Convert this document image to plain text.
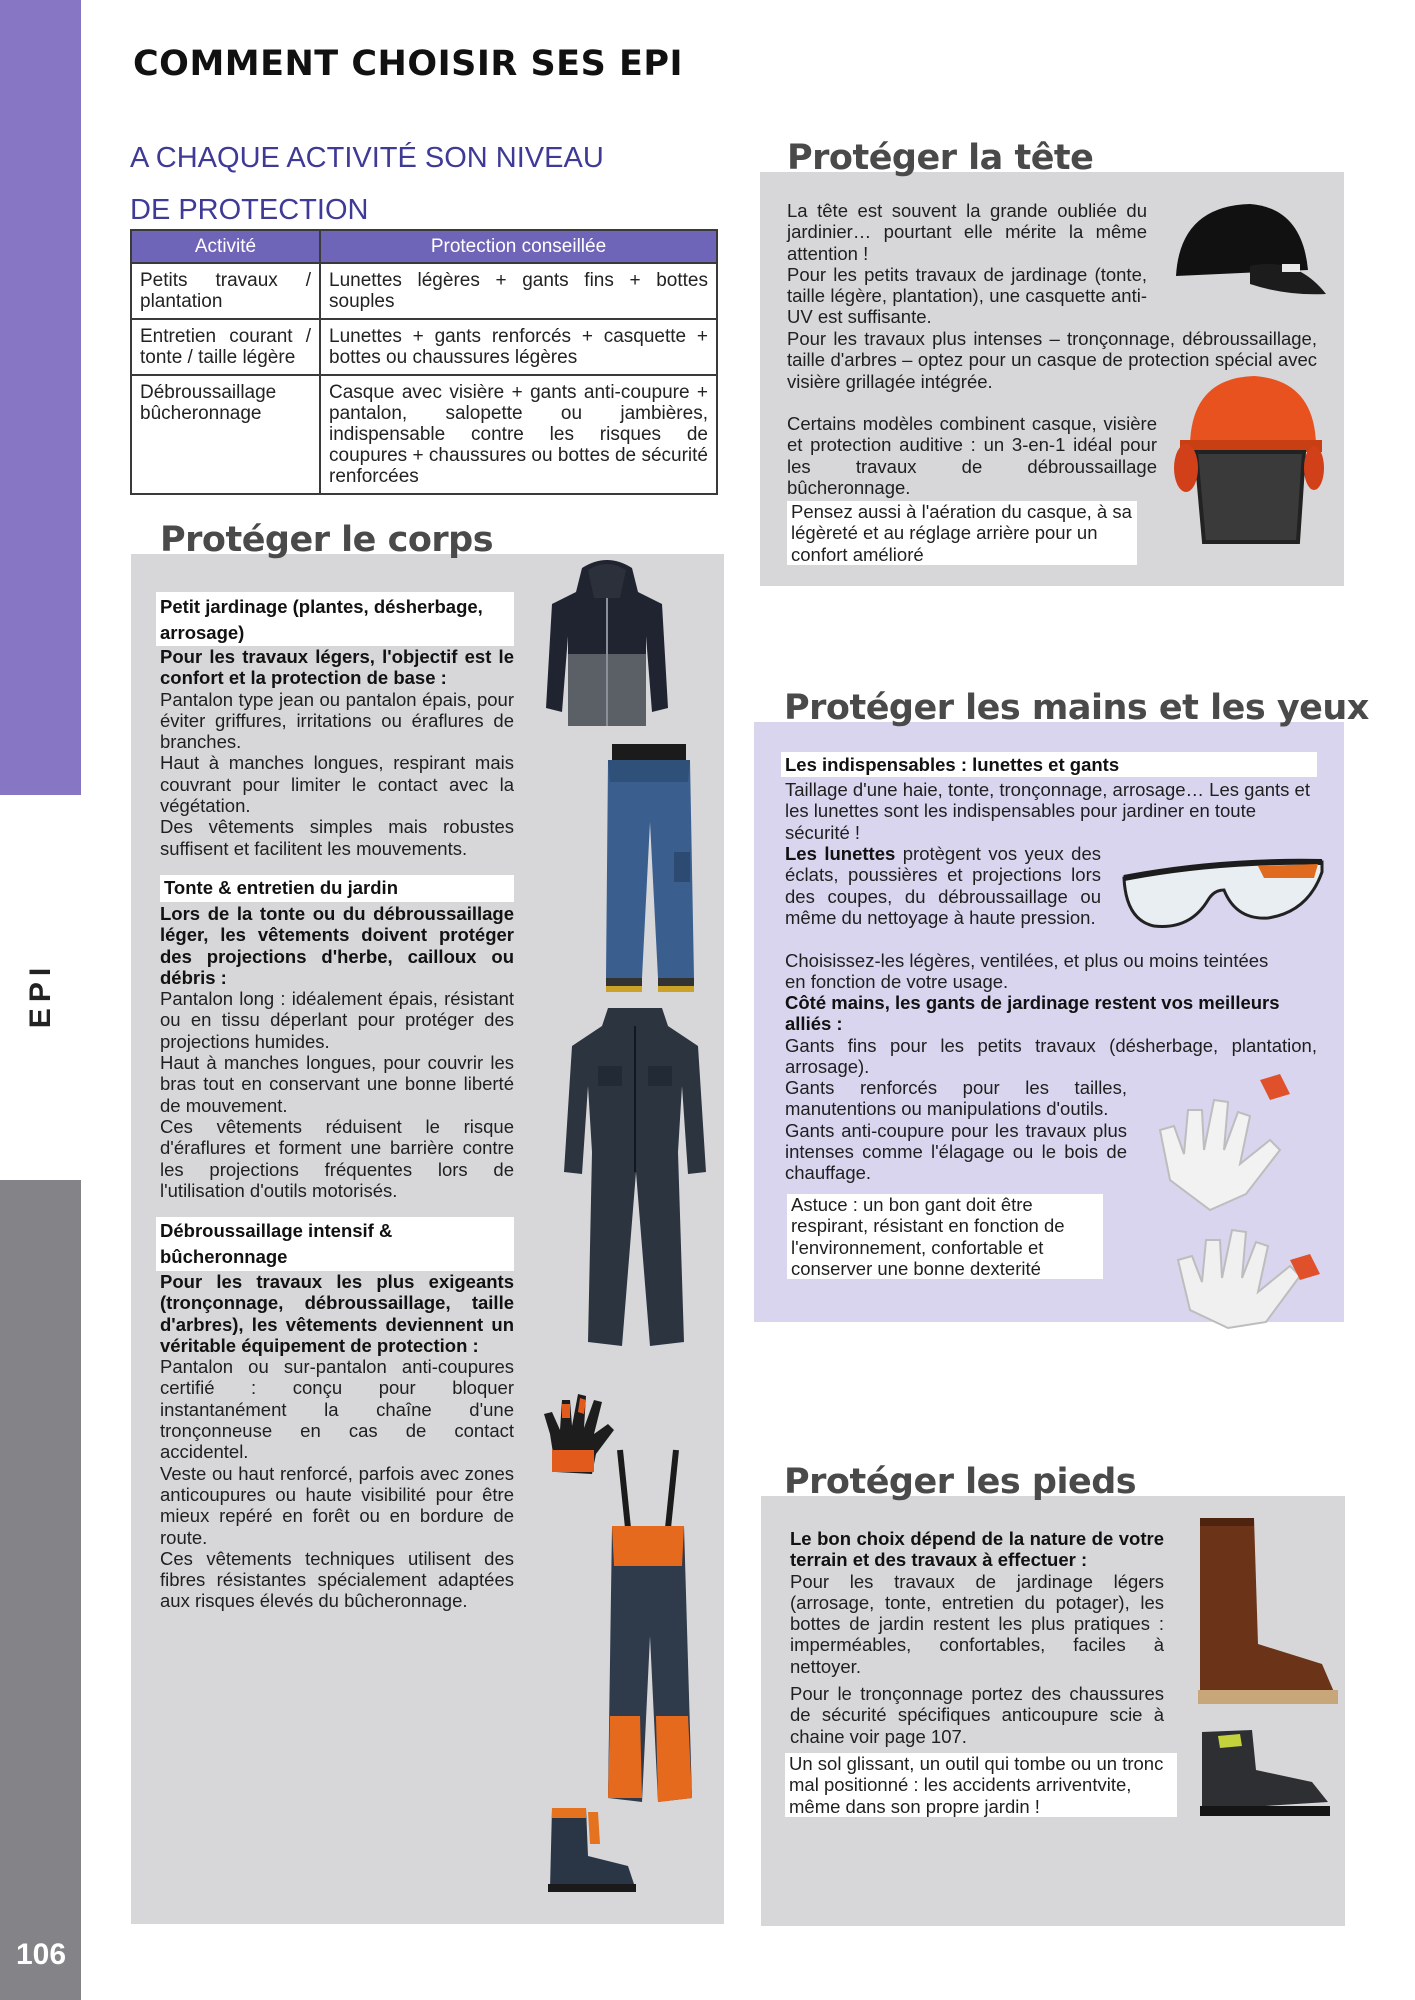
EPI
106
COMMENT CHOISIR SES EPI
A CHAQUE ACTIVITÉ SON NIVEAU DE PROTECTION
Activité	Protection conseillée
Petits travaux / plantation	Lunettes légères + gants fins + bottes souples
Entretien courant / tonte / taille légère	Lunettes + gants renforcés + casquette + bottes ou chaussures légères
Débroussaillage bûcheronnage	Casque avec visière + gants anti-coupure + pantalon, salopette ou jambières, indispensable contre les risques de coupures + chaussures ou bottes de sécurité renforcées
Protéger le corps
Petit jardinage (plantes, désherbage, arrosage)
Pour les travaux légers, l'objectif est le confort et la protection de base :
Pantalon type jean ou pantalon épais, pour éviter griffures, irritations ou éraflures de branches.
Haut à manches longues, respirant mais couvrant pour limiter le contact avec la végétation.
Des vêtements simples mais robustes suffisent et facilitent les mouvements.
Tonte & entretien du jardin
Lors de la tonte ou du débroussaillage léger, les vêtements doivent protéger des projections d'herbe, cailloux ou débris :
Pantalon long : idéalement épais, résistant ou en tissu déperlant pour protéger des projections humides.
Haut à manches longues, pour couvrir les bras tout en conservant une bonne liberté de mouvement.
Ces vêtements réduisent le risque d'éraflures et forment une barrière contre les projections fréquentes lors de l'utilisation d'outils motorisés.
Débroussaillage intensif & bûcheronnage
Pour les travaux les plus exigeants (tronçonnage, débroussaillage, taille d'arbres), les vêtements deviennent un véritable équipement de protection :
Pantalon ou sur-pantalon anti-coupures certifié : conçu pour bloquer instantanément la chaîne d'une tronçonneuse en cas de contact accidentel.
Veste ou haut renforcé, parfois avec zones anticoupures ou haute visibilité pour être mieux repéré en forêt ou en bordure de route.
Ces vêtements techniques utilisent des fibres résistantes spécialement adaptées aux risques élevés du bûcheronnage.
Protéger la tête
La tête est souvent la grande oubliée du jardinier… pourtant elle mérite la même attention !
Pour les petits travaux de jardinage (tonte, taille légère, plantation), une casquette anti-UV est suffisante.
Pour les travaux plus intenses – tronçonnage, débroussaillage, taille d'arbres – optez pour un casque de protection spécial avec visière grillagée intégrée.
Certains modèles combinent casque, visière et protection auditive : un 3-en-1 idéal pour les travaux de débroussaillage bûcheronnage.
Pensez aussi à l'aération du casque, à sa légèreté et au réglage arrière pour un confort amélioré
Protéger les mains et les yeux
Les indispensables : lunettes et gants
Taillage d'une haie, tonte, tronçonnage, arrosage… Les gants et les lunettes sont les indispensables pour jardiner en toute sécurité !
Les lunettes protègent vos yeux des éclats, poussières et projections lors des coupes, du débroussaillage ou même du nettoyage à haute pression.
Choisissez-les légères, ventilées, et plus ou moins teintées en fonction de votre usage.
Côté mains, les gants de jardinage restent vos meilleurs alliés :
Gants fins pour les petits travaux (désherbage, plantation, arrosage).
Gants renforcés pour les tailles, manutentions ou manipulations d'outils.
Gants anti-coupure pour les travaux plus intenses comme l'élagage ou le bois de chauffage.
Astuce : un bon gant doit être respirant, résistant en fonction de l'environnement, confortable et conserver une bonne dexterité
Protéger les pieds
Le bon choix dépend de la nature de votre terrain et des travaux à effectuer :
Pour les travaux de jardinage légers (arrosage, tonte, entretien du potager), les bottes de jardin restent les plus pratiques : imperméables, confortables, faciles à nettoyer.
Pour le tronçonnage portez des chaussures de sécurité spécifiques anticoupure scie à chaine voir page 107.
Un sol glissant, un outil qui tombe ou un tronc mal positionné : les accidents arriventvite, même dans son propre jardin !
